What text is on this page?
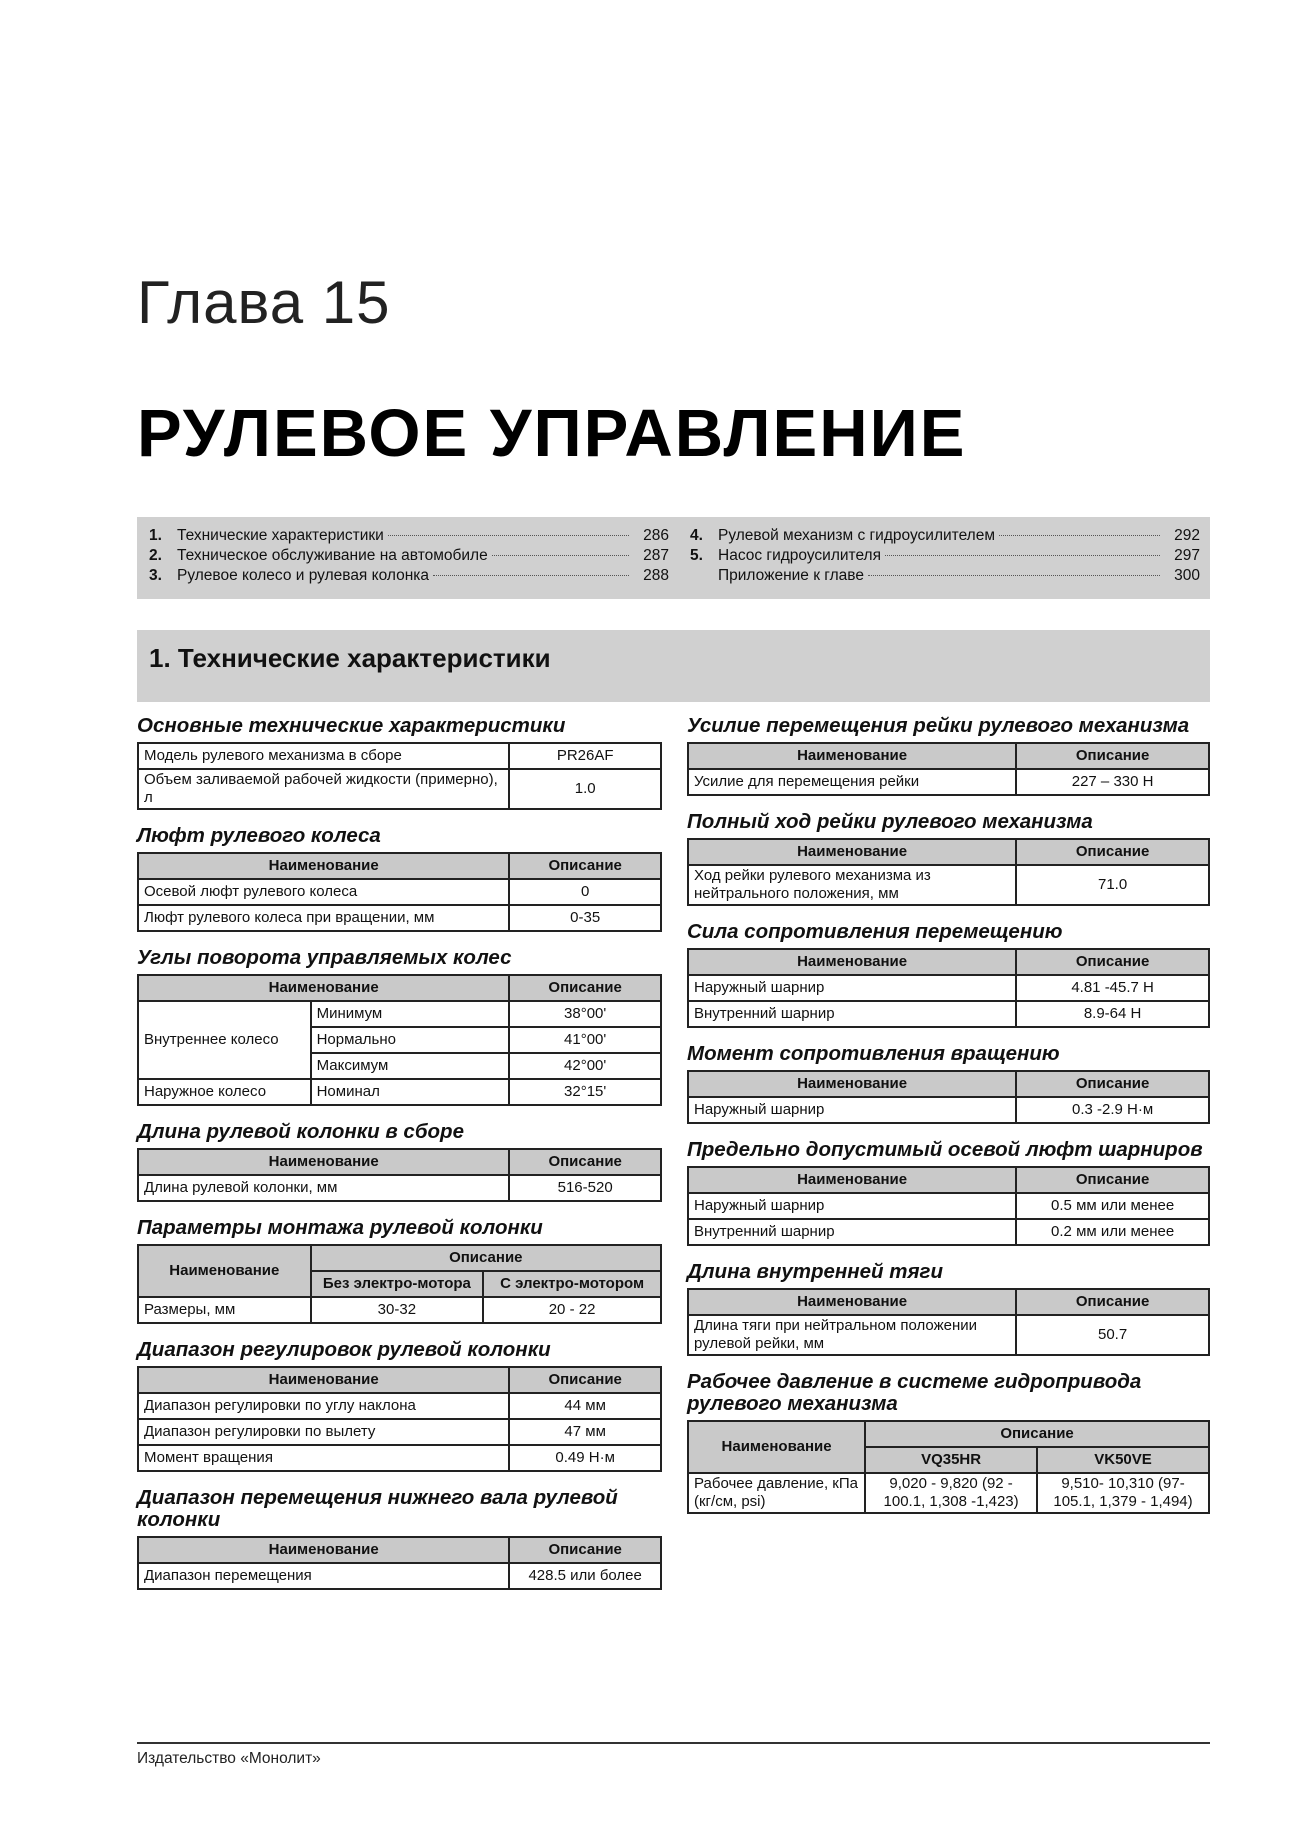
Глава 15
РУЛЕВОЕ УПРАВЛЕНИЕ
1. Технические характеристики	286
2. Техническое обслуживание на автомобиле	287
3. Рулевое колесо и рулевая колонка	288
4. Рулевой механизм с гидроусилителем	292
5. Насос гидроусилителя	297
Приложение к главе	300
1. Технические характеристики
Основные технические характеристики
Модель рулевого механизма в сборе	PR26AF
Объем заливаемой рабочей жидкости (примерно), л	1.0
Люфт рулевого колеса
Наименование	Описание
Осевой люфт рулевого колеса	0
Люфт рулевого колеса при вращении, мм	0-35
Углы поворота управляемых колес
Наименование		Описание
Внутреннее колесо	Минимум	38°00'
	Нормально	41°00'
	Максимум	42°00'
Наружное колесо	Номинал	32°15'
Длина рулевой колонки в сборе
Наименование	Описание
Длина рулевой колонки, мм	516-520
Параметры монтажа рулевой колонки
Наименование	Описание	
	Без электро-мотора	С электро-мотором
Размеры, мм	30-32	20 - 22
Диапазон регулировок рулевой колонки
Наименование	Описание
Диапазон регулировки по углу наклона	44 мм
Диапазон регулировки по вылету	47 мм
Момент вращения	0.49 Н·м
Диапазон перемещения нижнего вала рулевой колонки
Наименование	Описание
Диапазон перемещения	428.5 или более
Усилие перемещения рейки рулевого механизма
Наименование	Описание
Усилие для перемещения рейки	227 – 330 Н
Полный ход рейки рулевого механизма
Наименование	Описание
Ход рейки рулевого механизма из нейтрального положения, мм	71.0
Сила сопротивления перемещению
Наименование	Описание
Наружный шарнир	4.81 -45.7 Н
Внутренний шарнир	8.9-64 Н
Момент сопротивления вращению
Наименование	Описание
Наружный шарнир	0.3 -2.9 Н·м
Предельно допустимый осевой люфт шарниров
Наименование	Описание
Наружный шарнир	0.5 мм или менее
Внутренний шарнир	0.2 мм или менее
Длина внутренней тяги
Наименование	Описание
Длина тяги при нейтральном положении рулевой рейки, мм	50.7
Рабочее давление в системе гидропривода рулевого механизма
Наименование	Описание	
	VQ35HR	VK50VE
Рабочее давление, кПа (кг/см, psi)	9,020 - 9,820 (92 - 100.1, 1,308 -1,423)	9,510- 10,310 (97- 105.1, 1,379 - 1,494)
Издательство «Монолит»
